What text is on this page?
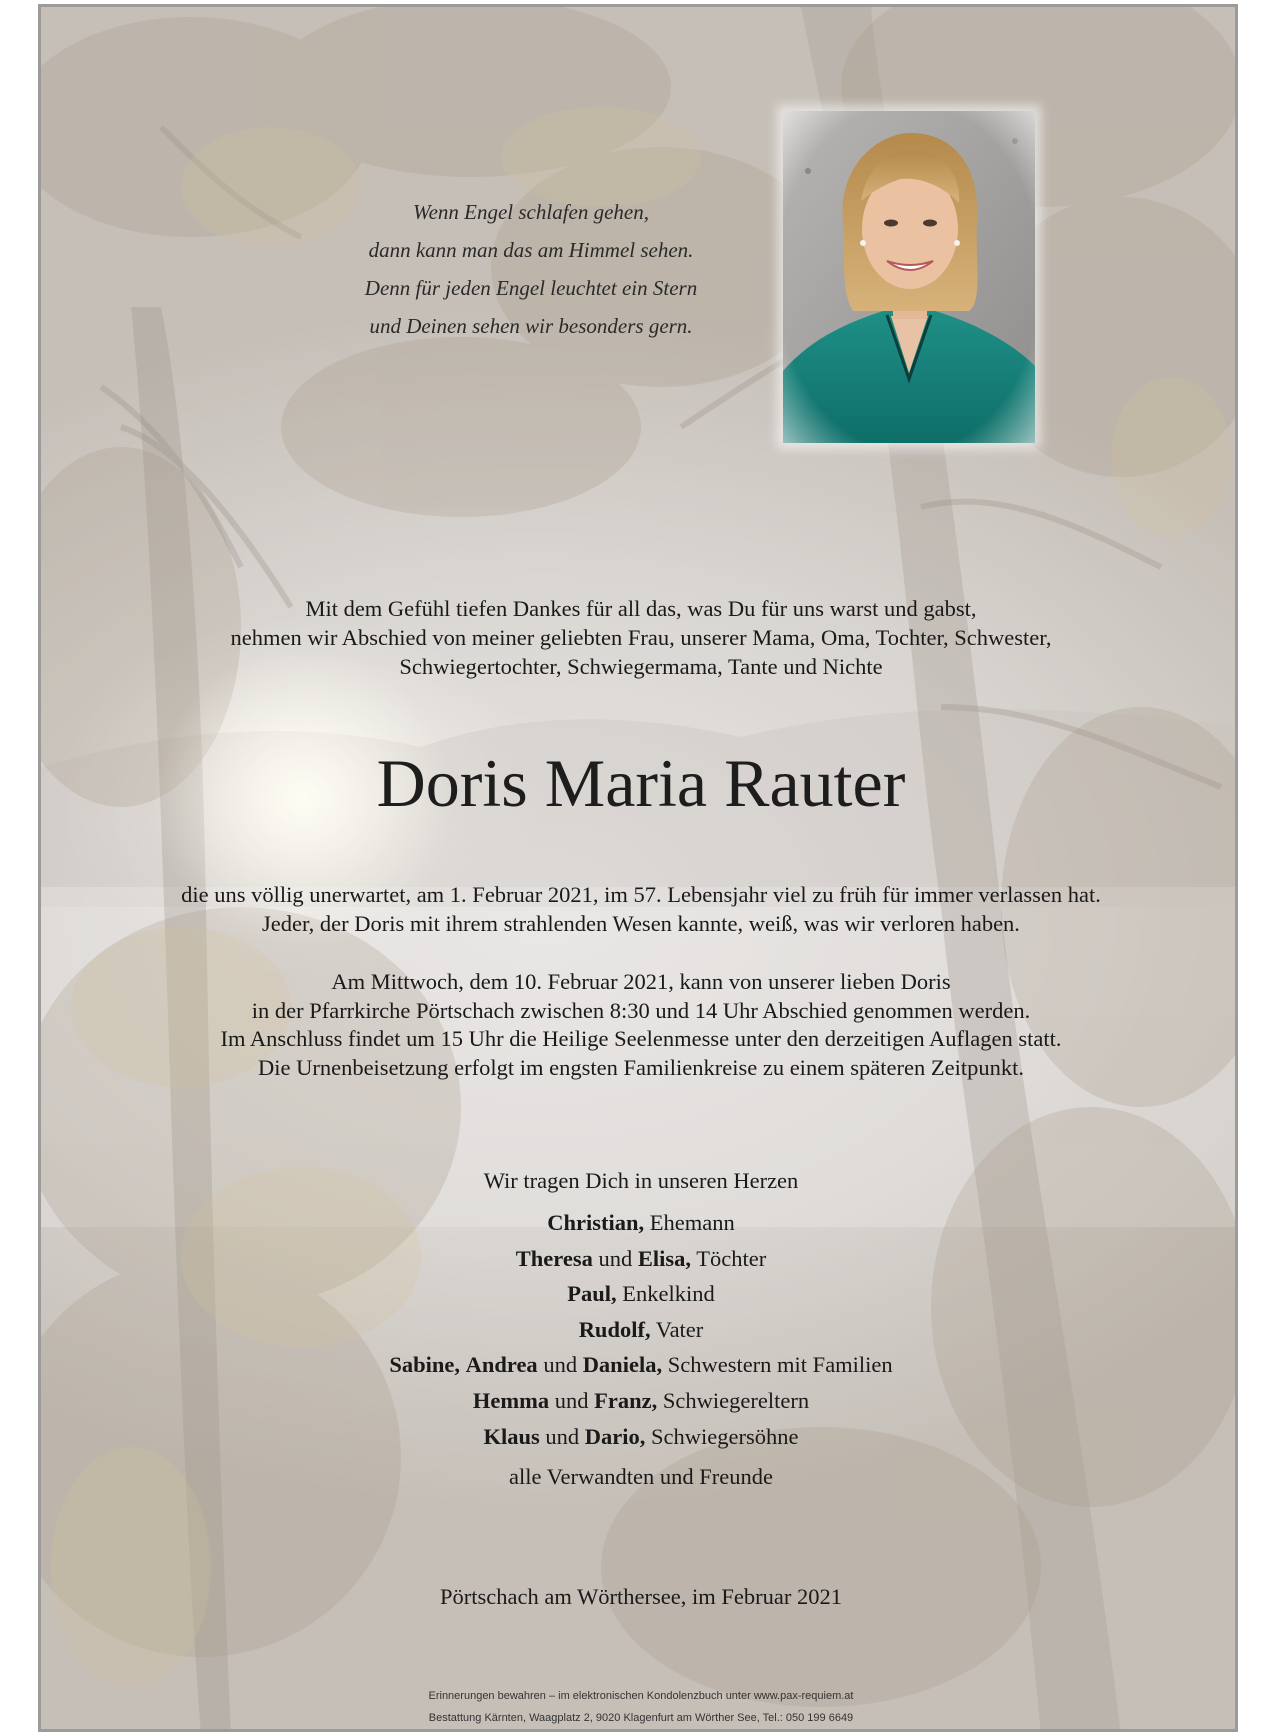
Wenn Engel schlafen gehen,
dann kann man das am Himmel sehen.
Denn für jeden Engel leuchtet ein Stern
und Deinen sehen wir besonders gern.
Mit dem Gefühl tiefen Dankes für all das, was Du für uns warst und gabst,
nehmen wir Abschied von meiner geliebten Frau, unserer Mama, Oma, Tochter, Schwester,
Schwiegertochter, Schwiegermama, Tante und Nichte
Doris Maria Rauter
die uns völlig unerwartet, am 1. Februar 2021, im 57. Lebensjahr viel zu früh für immer verlassen hat.
Jeder, der Doris mit ihrem strahlenden Wesen kannte, weiß, was wir verloren haben.
Am Mittwoch, dem 10. Februar 2021, kann von unserer lieben Doris
in der Pfarrkirche Pörtschach zwischen 8:30 und 14 Uhr Abschied genommen werden.
Im Anschluss findet um 15 Uhr die Heilige Seelenmesse unter den derzeitigen Auflagen statt.
Die Urnenbeisetzung erfolgt im engsten Familienkreise zu einem späteren Zeitpunkt.
Wir tragen Dich in unseren Herzen
Christian, Ehemann
Theresa und Elisa, Töchter
Paul, Enkelkind
Rudolf, Vater
Sabine, Andrea und Daniela, Schwestern mit Familien
Hemma und Franz, Schwiegereltern
Klaus und Dario, Schwiegersöhne
alle Verwandten und Freunde
Pörtschach am Wörthersee, im Februar 2021
Erinnerungen bewahren – im elektronischen Kondolenzbuch unter www.pax-requiem.at
Bestattung Kärnten, Waagplatz 2, 9020 Klagenfurt am Wörther See, Tel.: 050 199 6649
